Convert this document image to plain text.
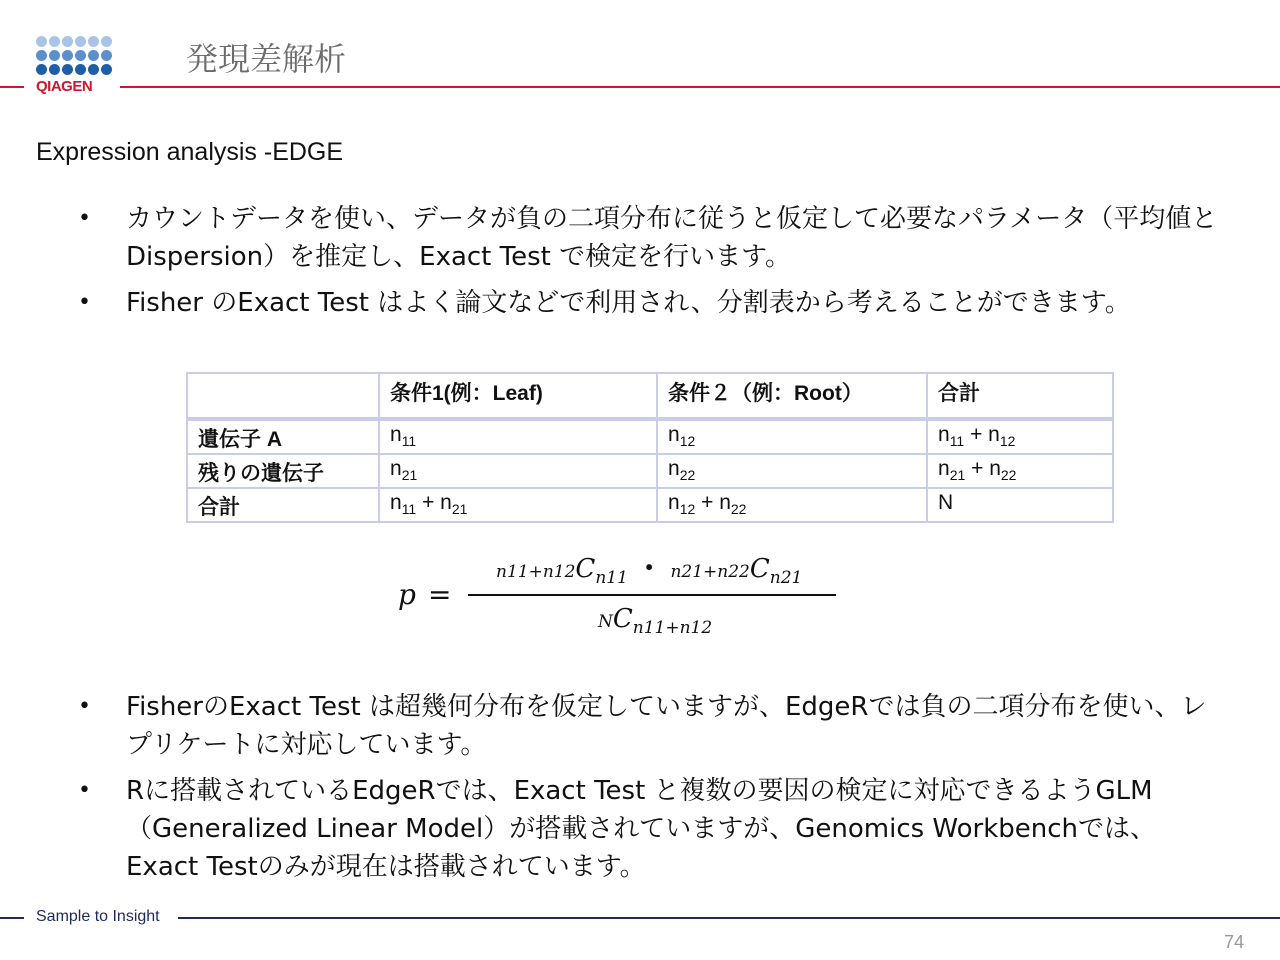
QIAGEN
発現差解析
Expression analysis -EDGE
• カウントデータを使い、データが負の二項分布に従うと仮定して必要なパラメータ（平均値とDispersion）を推定し、Exact Test で検定を行います。
• Fisher のExact Test はよく論文などで利用され、分割表から考えることができます。
	条件1(例：Leaf)	条件２（例：Root）	合計
遺伝子 A	$n_{11}$	$n_{12}$	$n_{11} + n_{12}$
残りの遺伝子	$n_{21}$	$n_{22}$	$n_{21} + n_{22}$
合計	$n_{11} + n_{21}$	$n_{12} + n_{22}$	N
p =
$n11+n12C_{n11}$ ・ $n21+n22C_{n21}$
$NC_{n11+n12}$
• FisherのExact Test は超幾何分布を仮定していますが、EdgeRでは負の二項分布を使い、レプリケートに対応しています。
• Rに搭載されているEdgeRでは、Exact Test と複数の要因の検定に対応できるようGLM（Generalized Linear Model）が搭載されていますが、Genomics Workbenchでは、Exact Testのみが現在は搭載されています。
Sample to Insight
74
